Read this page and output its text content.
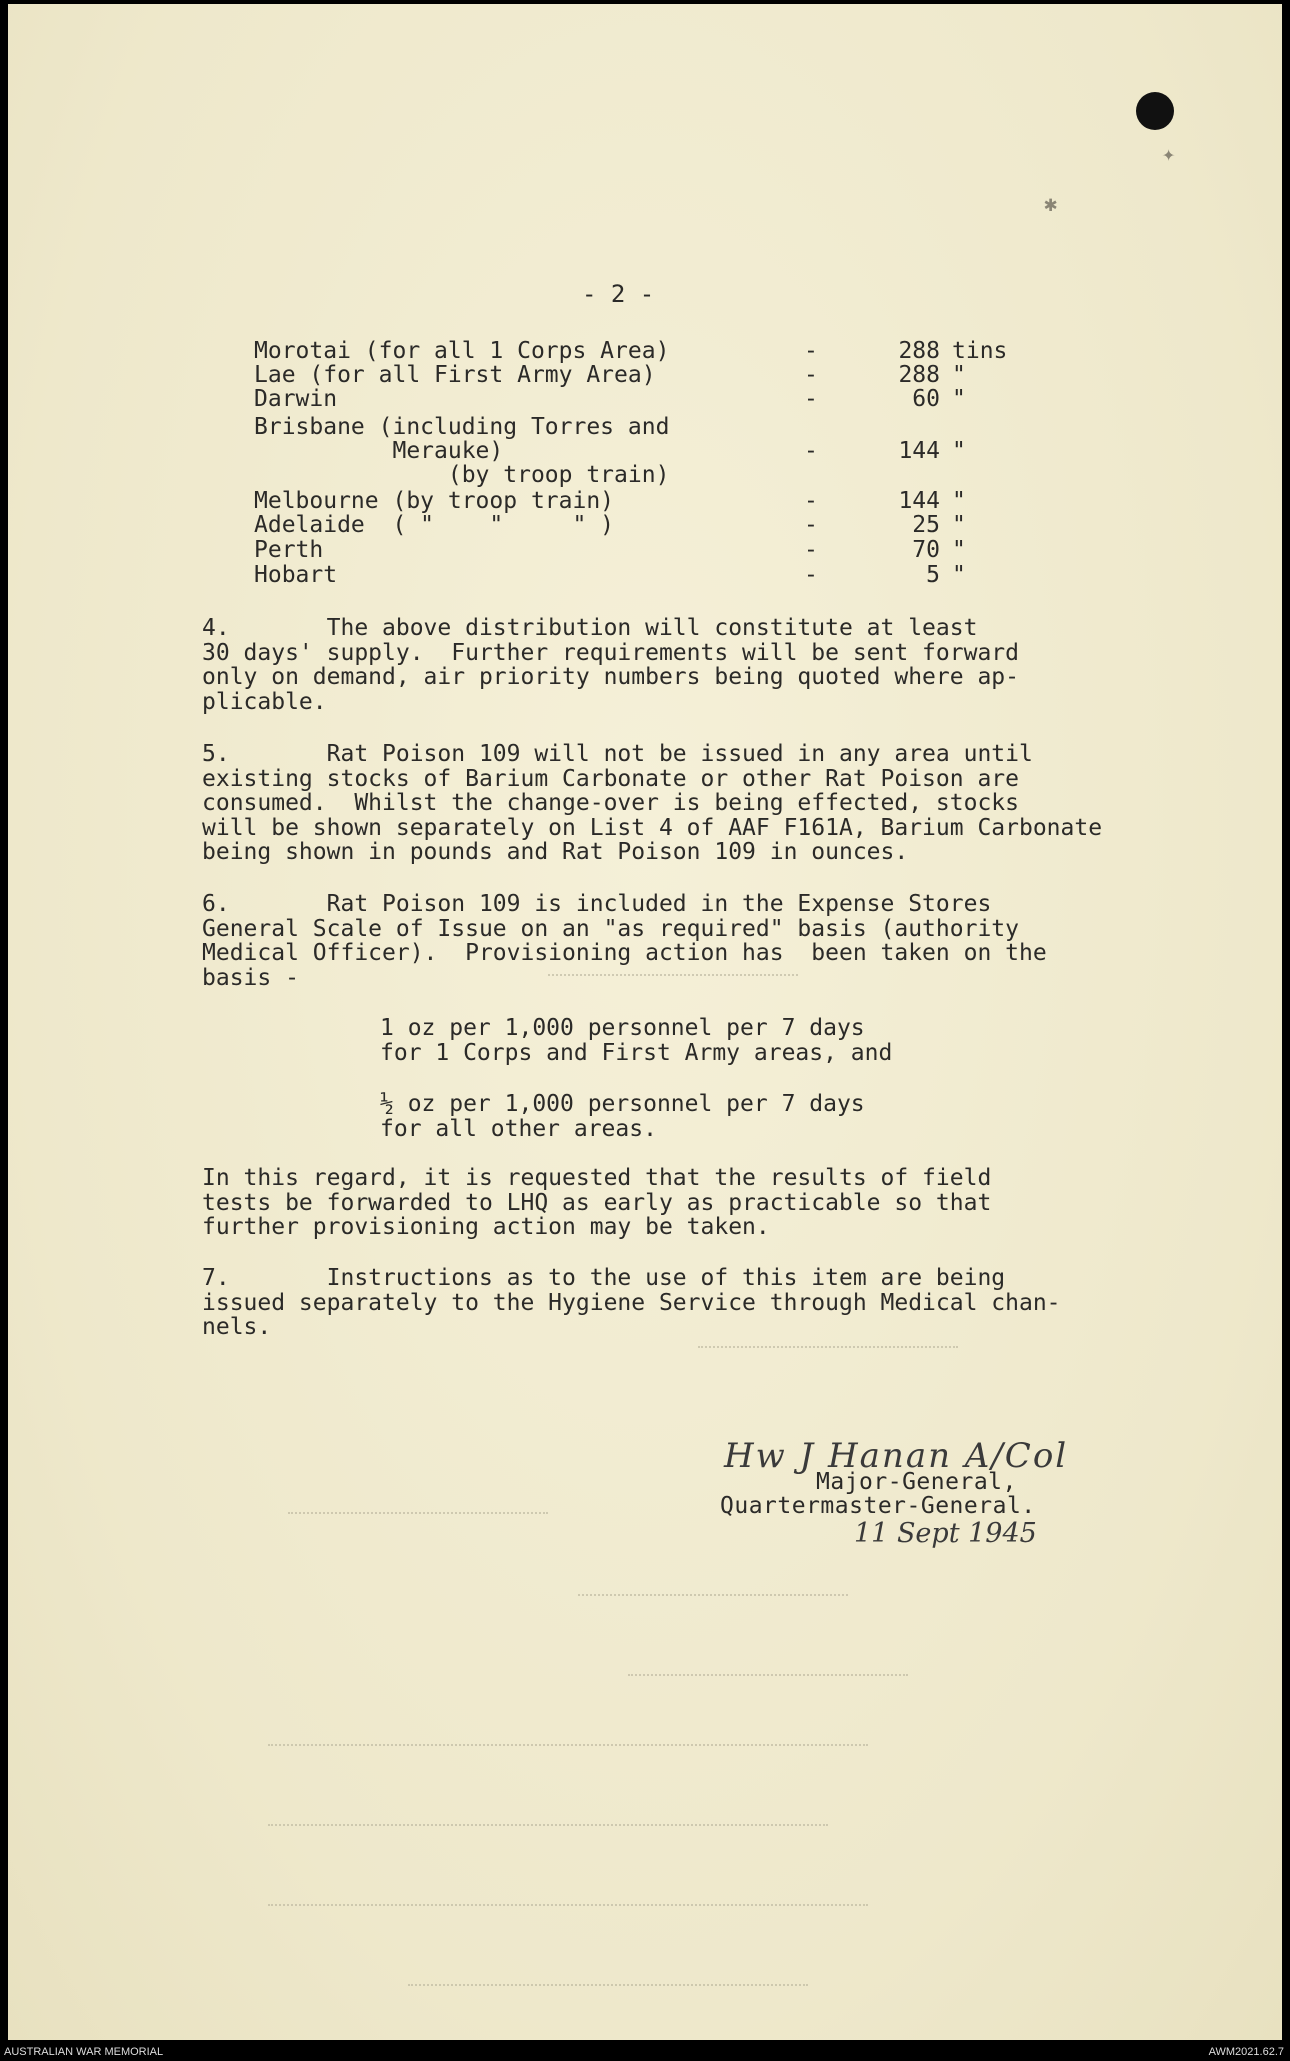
✦
✱
- 2 -
Morotai (for all 1 Corps Area)	-	288 tins
Lae (for all First Army Area)	-	288 "
Darwin	-	60 "
Brisbane (including Torres and
Merauke)	-	144 "
(by troop train)
Melbourne (by troop train)	-	144 "
Adelaide  ( "    "     " )	-	25 "
Perth	-	70 "
Hobart	-	5 "
4.       The above distribution will constitute at least
30 days' supply.  Further requirements will be sent forward
only on demand, air priority numbers being quoted where ap-
plicable.
5.       Rat Poison 109 will not be issued in any area until
existing stocks of Barium Carbonate or other Rat Poison are
consumed.  Whilst the change-over is being effected, stocks
will be shown separately on List 4 of AAF F161A, Barium Carbonate
being shown in pounds and Rat Poison 109 in ounces.
6.       Rat Poison 109 is included in the Expense Stores
General Scale of Issue on an "as required" basis (authority
Medical Officer).  Provisioning action has  been taken on the
basis -
1 oz per 1,000 personnel per 7 days
for 1 Corps and First Army areas, and
½ oz per 1,000 personnel per 7 days
for all other areas.
In this regard, it is requested that the results of field
tests be forwarded to LHQ as early as practicable so that
further provisioning action may be taken.
7.       Instructions as to the use of this item are being
issued separately to the Hygiene Service through Medical chan-
nels.
Hw J Hanan A/Col
Major-General,
Quartermaster-General.
11 Sept 1945
AUSTRALIAN WAR MEMORIAL	AWM2021.62.7
